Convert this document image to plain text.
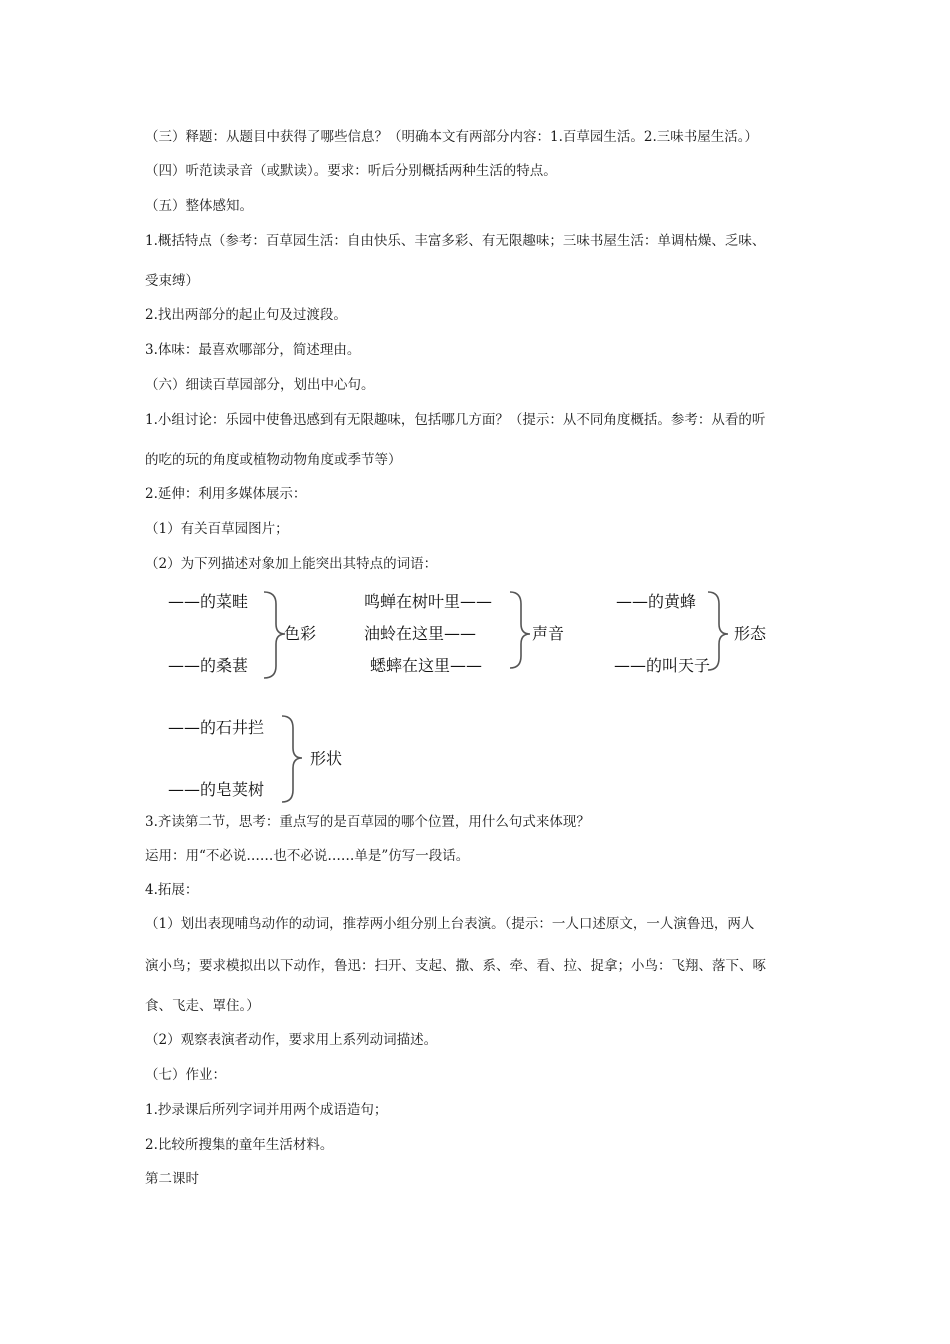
（三）释题：从题目中获得了哪些信息？（明确本文有两部分内容：1.百草园生活。2.三味书屋生活。）
（四）听范读录音（或默读）。要求：听后分别概括两种生活的特点。
（五）整体感知。
1.概括特点（参考：百草园生活：自由快乐、丰富多彩、有无限趣味；三味书屋生活：单调枯燥、乏味、
受束缚）
2.找出两部分的起止句及过渡段。
3.体味：最喜欢哪部分，简述理由。
（六）细读百草园部分，划出中心句。
1.小组讨论：乐园中使鲁迅感到有无限趣味，包括哪几方面？（提示：从不同角度概括。参考：从看的听
的吃的玩的角度或植物动物角度或季节等）
2.延伸：利用多媒体展示：
（1）有关百草园图片；
（2）为下列描述对象加上能突出其特点的词语：
——的菜畦
——的桑葚
色彩
鸣蝉在树叶里——
油蛉在这里——
蟋蟀在这里——
声音
——的黄蜂
——的叫天子
形态
——的石井拦
——的皂荚树
形状
3.齐读第二节，思考：重点写的是百草园的哪个位置，用什么句式来体现？
运用：用“不必说……也不必说……单是”仿写一段话。
4.拓展：
（1）划出表现哺鸟动作的动词，推荐两小组分别上台表演。（提示：一人口述原文，一人演鲁迅，两人
演小鸟；要求模拟出以下动作，鲁迅：扫开、支起、撒、系、牵、看、拉、捉拿；小鸟：飞翔、落下、啄
食、飞走、罩住。）
（2）观察表演者动作，要求用上系列动词描述。
（七）作业：
1.抄录课后所列字词并用两个成语造句；
2.比较所搜集的童年生活材料。
第二课时
